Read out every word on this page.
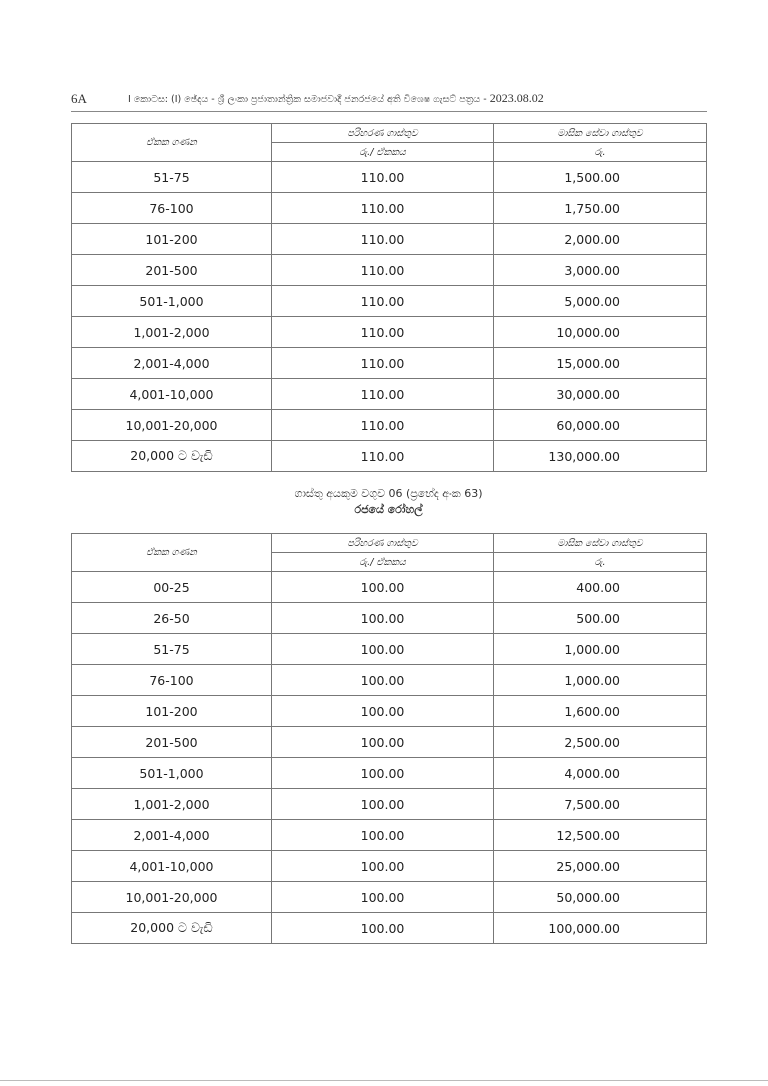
6A	I කොටස: (I) ඡේදය - ශ්‍රී ලංකා ප්‍රජාතාන්ත්‍රික සමාජවාදී ජනරජයේ අති විශෙෂ ගැසට් පත්‍රය - 2023.08.02
ඒකක ගණන	පරිහරණ ගාස්තුව	මාසික සේවා ගාස්තුව
	රු./ ඒකකය	රු.
51-75	110.00	1,500.00
76-100	110.00	1,750.00
101-200	110.00	2,000.00
201-500	110.00	3,000.00
501-1,000	110.00	5,000.00
1,001-2,000	110.00	10,000.00
2,001-4,000	110.00	15,000.00
4,001-10,000	110.00	30,000.00
10,001-20,000	110.00	60,000.00
20,000 ට වැඩි	110.00	130,000.00
ගාස්තු අයකුම වගුව 06 (ප්‍රභේද අංක 63)
රජයේ රෝහල්
ඒකක ගණන	පරිහරණ ගාස්තුව	මාසික සේවා ගාස්තුව
	රු./ ඒකකය	රු.
00-25	100.00	400.00
26-50	100.00	500.00
51-75	100.00	1,000.00
76-100	100.00	1,000.00
101-200	100.00	1,600.00
201-500	100.00	2,500.00
501-1,000	100.00	4,000.00
1,001-2,000	100.00	7,500.00
2,001-4,000	100.00	12,500.00
4,001-10,000	100.00	25,000.00
10,001-20,000	100.00	50,000.00
20,000 ට වැඩි	100.00	100,000.00
